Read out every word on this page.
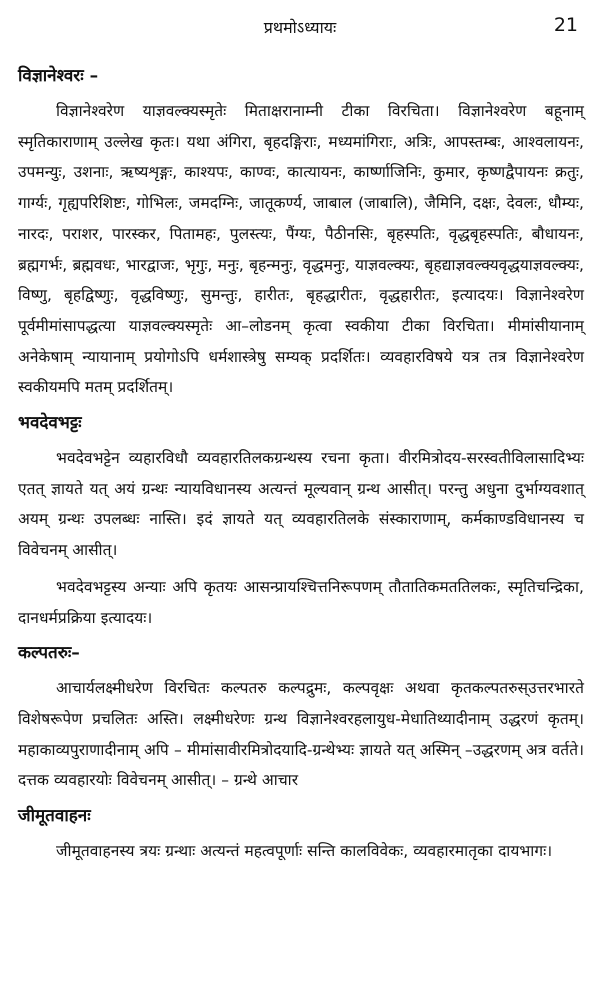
प्रथमोऽध्यायः	21
विज्ञानेश्वरः –

विज्ञानेश्वरेण याज्ञवल्क्यस्मृतेः मिताक्षरानाम्नी टीका विरचिता। विज्ञानेश्वरेण बहूनाम् स्मृतिकाराणाम् उल्लेख कृतः। यथा अंगिरा, बृहदङ्गिराः, मध्यमांगिराः, अत्रिः, आपस्तम्बः, आश्वलायनः, उपमन्युः, उशनाः, ऋष्यशृङ्गः, काश्यपः, काण्वः, कात्यायनः, कार्ष्णाजिनिः, कुमार, कृष्णद्वैपायनः क्रतुः, गार्ग्यः, गृह्यपरिशिष्टः, गोभिलः, जमदग्निः, जातूकर्ण्य, जाबाल (जाबालि), जैमिनि, दक्षः, देवलः, धौम्यः, नारदः, पराशर, पारस्कर, पितामहः, पुलस्त्यः, पैंग्यः, पैठीनसिः, बृहस्पतिः, वृद्धबृहस्पतिः, बौधायनः, ब्रह्मगर्भः, ब्रह्मवधः, भारद्वाजः, भृगुः, मनुः, बृहन्मनुः, वृद्धमनुः, याज्ञवल्क्यः, बृहद्याज्ञवल्क्यवृद्धयाज्ञवल्क्यः, विष्णु, बृहद्विष्णुः, वृद्धविष्णुः, सुमन्तुः, हारीतः, बृहद्धारीतः, वृद्धहारीतः, इत्यादयः। विज्ञानेश्वरेण पूर्वमीमांसापद्धत्या याज्ञवल्क्यस्मृतेः आ–लोडनम् कृत्वा स्वकीया टीका विरचिता। मीमांसीयानाम् अनेकेषाम् न्यायानाम् प्रयोगोऽपि धर्मशास्त्रेषु सम्यक् प्रदर्शितः। व्यवहारविषये यत्र तत्र विज्ञानेश्वरेण स्वकीयमपि मतम् प्रदर्शितम्।

भवदेवभट्टः

भवदेवभट्टेन व्यहारविधौ व्यवहारतिलकग्रन्थस्य रचना कृता। वीरमित्रोदय-सरस्वतीविलासादिभ्यः एतत् ज्ञायते यत् अयं ग्रन्थः न्यायविधानस्य अत्यन्तं मूल्यवान् ग्रन्थ आसीत्। परन्तु अधुना दुर्भाग्यवशात् अयम् ग्रन्थः उपलब्धः नास्ति। इदं ज्ञायते यत् व्यवहारतिलके संस्काराणाम्, कर्मकाण्डविधानस्य च विवेचनम् आसीत्।

भवदेवभट्टस्य अन्याः अपि कृतयः आसन्प्रायश्चित्तनिरूपणम् तौतातिकमततिलकः, स्मृतिचन्द्रिका, दानधर्मप्रक्रिया इत्यादयः।

कल्पतरुः–

आचार्यलक्ष्मीधरेण विरचितः कल्पतरु कल्पद्रुमः, कल्पवृक्षः अथवा कृतकल्पतरुस्उत्तरभारते विशेषरूपेण प्रचलितः अस्ति। लक्ष्मीधरेणः ग्रन्थ विज्ञानेश्वरहलायुध-मेधातिथ्यादीनाम् उद्धरणं कृतम्। महाकाव्यपुराणादीनाम् अपि – मीमांसावीरमित्रोदयादि-ग्रन्थेभ्यः ज्ञायते यत् अस्मिन् –उद्धरणम् अत्र वर्तते। दत्तक व्यवहारयोः विवेचनम् आसीत्। – ग्रन्थे आचार

जीमूतवाहनः

जीमूतवाहनस्य त्रयः ग्रन्थाः अत्यन्तं महत्वपूर्णाः सन्ति कालविवेकः, व्यवहारमातृका दायभागः।
